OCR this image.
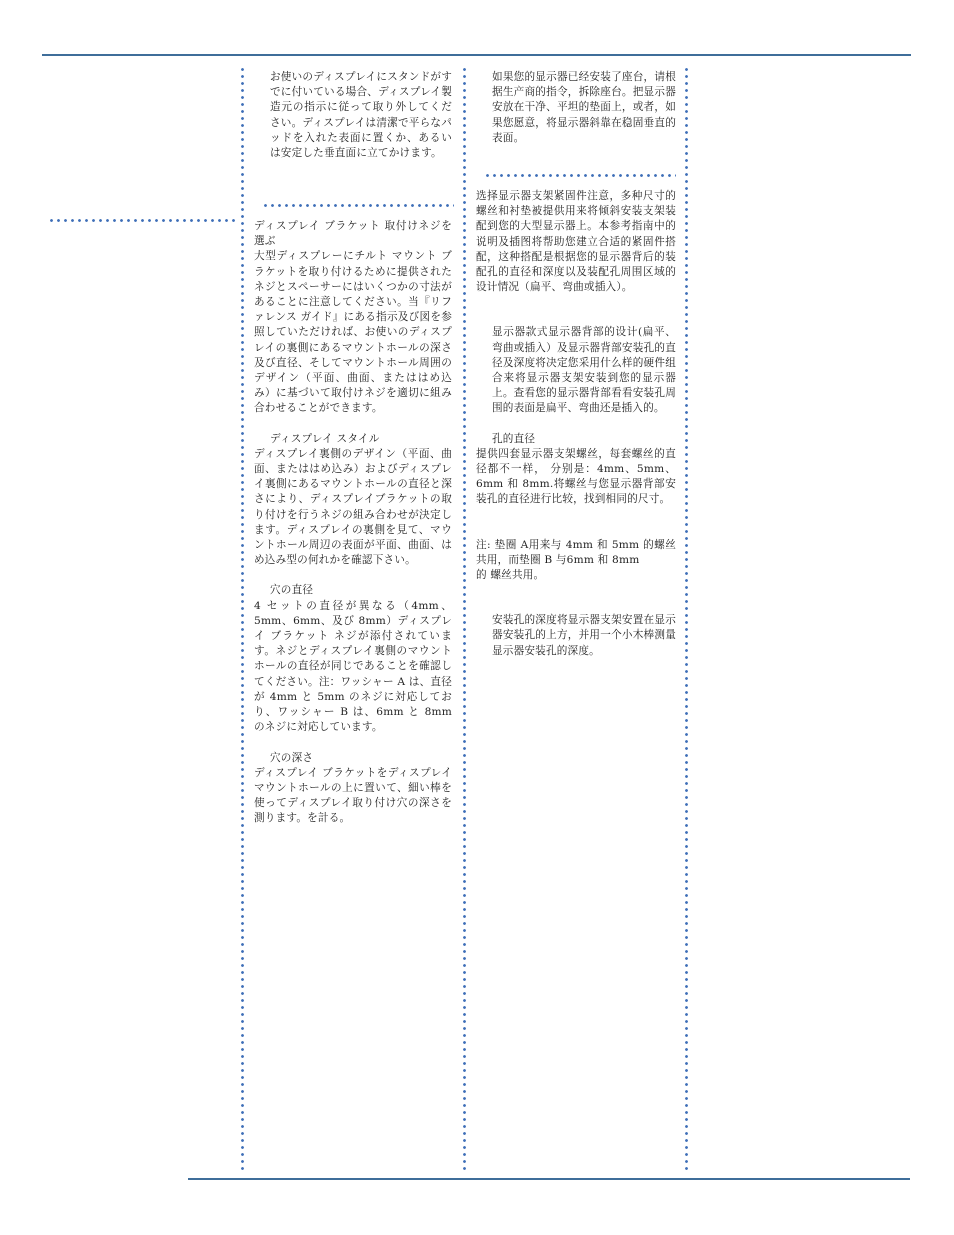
お使いのディスプレイにスタンドがすでに付いている場合、ディスプレイ製造元の指示に従って取り外してください。ディスプレイは清潔で平らなパッドを入れた表面に置くか、あるいは安定した垂直面に立てかけます。

ディスプレイ ブラケット 取付けネジを選ぶ

大型ディスプレーにチルト マウント ブラケットを取り付けるために提供されたネジとスペーサーにはいくつかの寸法があることに注意してください。当『リファレンス ガイド』にある指示及び図を参照していただければ、お使いのディスプレイの裏側にあるマウントホールの深さ及び直径、そしてマウントホール周囲のデザイン（平面、曲面、またははめ込み）に基づいて取付けネジを適切に組み合わせることができます。

ディスプレイ スタイル

ディスプレイ裏側のデザイン（平面、曲面、またははめ込み）およびディスプレイ裏側にあるマウントホールの直径と深さにより、ディスプレイブラケットの取り付けを行うネジの組み合わせが決定します。ディスプレイの裏側を見て、マウントホール周辺の表面が平面、曲面、はめ込み型の何れかを確認下さい。

穴の直径

4 セットの直径が異なる（4mm、5mm、6mm、及び 8mm）ディスプレイ ブラケット ネジが添付されています。ネジとディスプレイ裏側のマウントホールの直径が同じであることを確認してください。注：ワッシャー A は、直径が 4mm と 5mm のネジに対応しており、ワッシャー B は、6mm と 8mm のネジに対応しています。

穴の深さ

ディスプレイ ブラケットをディスプレイマウントホールの上に置いて、細い棒を使ってディスプレイ取り付け穴の深さを測ります。を計る。

如果您的显示器已经安装了座台，请根据生产商的指令，拆除座台。把显示器安放在干净、平坦的垫面上，或者，如果您愿意，将显示器斜靠在稳固垂直的表面。

选择显示器支架紧固件注意，多种尺寸的螺丝和衬垫被提供用来将倾斜安装支架装配到您的大型显示器上。本参考指南中的说明及插图将帮助您建立合适的紧固件搭配，这种搭配是根据您的显示器背后的装配孔的直径和深度以及装配孔周围区域的设计情况（扁平、弯曲或插入）。

显示器款式显示器背部的设计(扁平、弯曲或插入）及显示器背部安装孔的直径及深度将决定您采用什么样的硬件组合来将显示器支架安装到您的显示器上。查看您的显示器背部看看安装孔周围的表面是扁平、弯曲还是插入的。

孔的直径

提供四套显示器支架螺丝，每套螺丝的直径都不一样， 分别是：4mm、5mm、 6mm 和 8mm.将螺丝与您显示器背部安装孔的直径进行比较，找到相同的尺寸。

注: 垫圈 A用来与 4mm 和 5mm 的螺丝共用，而垫圈 B 与6mm 和 8mm
的 螺丝共用。

安装孔的深度将显示器支架安置在显示器安装孔的上方，并用一个小木棒测量显示器安装孔的深度。
